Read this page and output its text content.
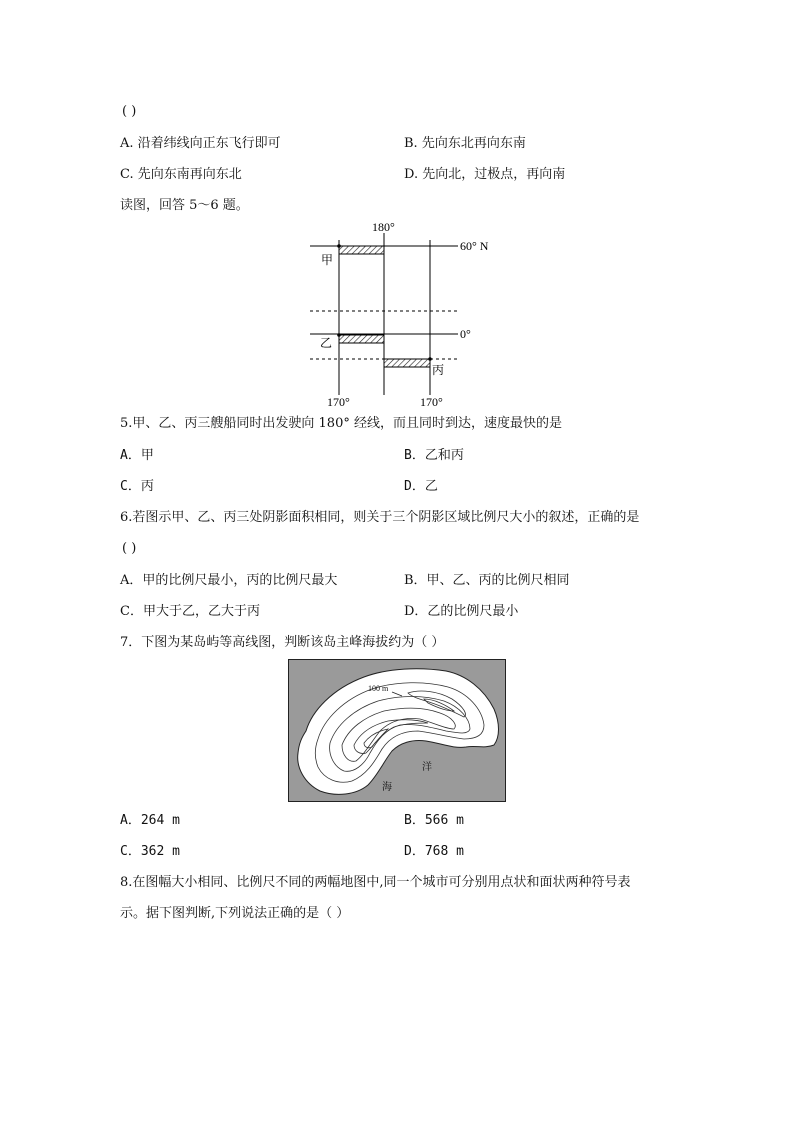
( )
A. 沿着纬线向正东飞行即可	B. 先向东北再向东南
C. 先向东南再向东北	D. 先向北，过极点，再向南
读图，回答 5～6 题。
180°
60° N
0°
甲
乙
丙
170°	170°
5.甲、乙、丙三艘船同时出发驶向 180° 经线，而且同时到达，速度最快的是
A．甲	B．乙和丙
C．丙	D．乙
6.若图示甲、乙、丙三处阴影面积相同，则关于三个阴影区域比例尺大小的叙述，正确的是
( )
A．甲的比例尺最小，丙的比例尺最大	B．甲、乙、丙的比例尺相同
C．甲大于乙，乙大于丙	D．乙的比例尺最小
7．下图为某岛屿等高线图，判断该岛主峰海拔约为（ ）
100 m
洋
海
A．264 m	B．566 m
C．362 m	D．768 m
8.在图幅大小相同、比例尺不同的两幅地图中,同一个城市可分别用点状和面状两种符号表
示。据下图判断,下列说法正确的是（ ）
